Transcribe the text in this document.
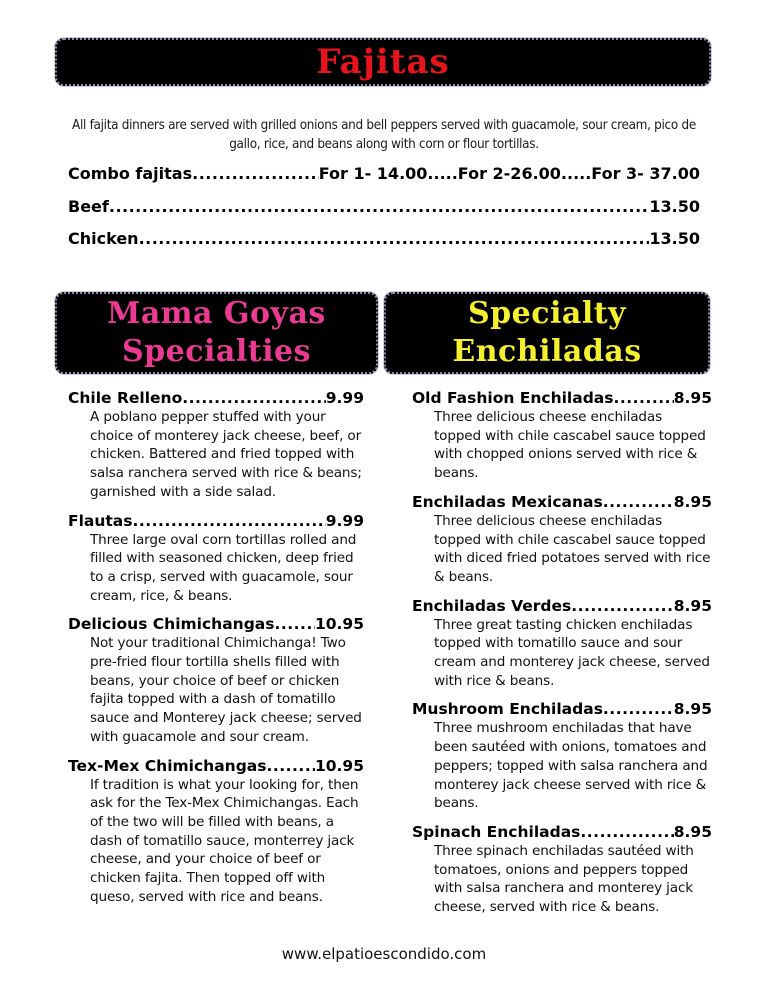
Fajitas
All fajita dinners are served with grilled onions and bell peppers served with guacamole, sour cream, pico de gallo, rice, and beans along with corn or flour tortillas.
Combo fajitas .....	For 1- 14.00.....For 2-26.00.....For 3- 37.00
Beef .....	13.50
Chicken .....	13.50
Mama Goyas
Specialties
Specialty
Enchiladas
Chile Relleno .....	9.99
A poblano pepper stuffed with your choice of monterey jack cheese, beef, or chicken. Battered and fried topped with salsa ranchera served with rice & beans; garnished with a side salad.
Flautas .....	9.99
Three large oval corn tortillas rolled and filled with seasoned chicken, deep fried to a crisp, served with guacamole, sour cream, rice, & beans.
Delicious Chimichangas .....	10.95
Not your traditional Chimichanga! Two pre-fried flour tortilla shells filled with beans, your choice of beef or chicken fajita topped with a dash of tomatillo sauce and Monterey jack cheese; served with guacamole and sour cream.
Tex-Mex Chimichangas .....	10.95
If tradition is what your looking for, then ask for the Tex-Mex Chimichangas. Each of the two will be filled with beans, a dash of tomatillo sauce, monterrey jack cheese, and your choice of beef or chicken fajita. Then topped off with queso, served with rice and beans.
Old Fashion Enchiladas .....	8.95
Three delicious cheese enchiladas topped with chile cascabel sauce topped with chopped onions served with rice & beans.
Enchiladas Mexicanas .....	8.95
Three delicious cheese enchiladas topped with chile cascabel sauce topped with diced fried potatoes served with rice & beans.
Enchiladas Verdes .....	8.95
Three great tasting chicken enchiladas topped with tomatillo sauce and sour cream and monterey jack cheese, served with rice & beans.
Mushroom Enchiladas .....	8.95
Three mushroom enchiladas that have been sautéed with onions, tomatoes and peppers; topped with salsa ranchera and monterey jack cheese served with rice & beans.
Spinach Enchiladas .....	8.95
Three spinach enchiladas sautéed with tomatoes, onions and peppers topped with salsa ranchera and monterey jack cheese, served with rice & beans.
www.elpatioescondido.com
